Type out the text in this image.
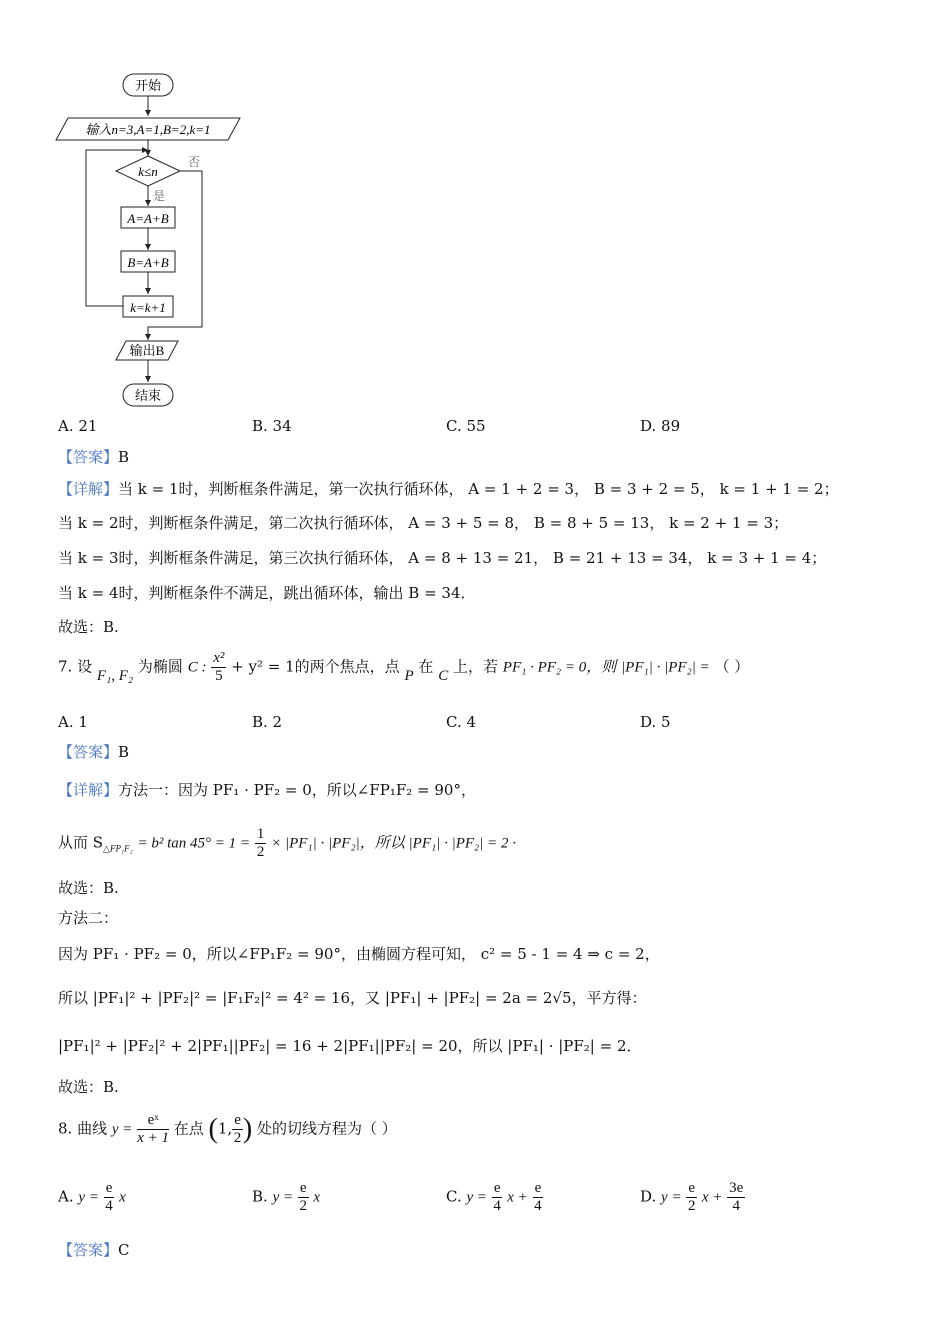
开始
输入n=3,A=1,B=2,k=1
k≤n
否
是
A=A+B
B=A+B
k=k+1
输出B
结束
A. 21	B. 34	C. 55	D. 89
【答案】B
【详解】当 k = 1时，判断框条件满足，第一次执行循环体， A = 1 + 2 = 3， B = 3 + 2 = 5， k = 1 + 1 = 2；
当 k = 2时，判断框条件满足，第二次执行循环体， A = 3 + 5 = 8， B = 8 + 5 = 13， k = 2 + 1 = 3；
当 k = 3时，判断框条件满足，第三次执行循环体， A = 8 + 13 = 21， B = 21 + 13 = 34， k = 3 + 1 = 4；
当 k = 4时，判断框条件不满足，跳出循环体，输出 B = 34．
故选：B.
7. 设 F₁, F₂ 为椭圆 C : $\frac{\text{x²}}{5} + y^2 = 1$的两个焦点，点 P 在 C 上，若 PF₁ · PF₂ = 0，则 |PF₁| · |PF₂| = （ ）
A. 1	B. 2	C. 4	D. 5
【答案】B
【详解】方法一：因为 PF₁ · PF₂ = 0，所以∠FP₁F₂ = 90°，
从而 $S_{\triangle FP_1F_2} = b^2$ $\tan 45^\circ = 1 = \frac{1}{2} \times |PF_1| \cdot |PF_2|$，所以 |PF₁| · |PF₂| = 2 ·
故选：B.
方法二：
因为 PF₁ · PF₂ = 0，所以∠FP₁F₂ = 90°，由椭圆方程可知， c² = 5 - 1 = 4 ⇒ c = 2，
所以 |PF₁|² + |PF₂|² = |F₁F₂|² = 4² = 16，又 |PF₁| + |PF₂| = 2a = 2√5，平方得：
|PF₁|² + |PF₂|² + 2|PF₁||PF₂| = 16 + 2|PF₁||PF₂| = 20，所以 |PF₁| · |PF₂| = 2．
故选：B.
8. 曲线 $y = \frac{\text{eˣ}}{x + 1}$ 在点 (1, $\frac{e}{2}$ ) 处的切线方程为（ ）
A. $y = \frac{e}{4}$ x	B. $y = \frac{e}{2}$ x	C. $y = \frac{e}{4}$ $x + \frac{e}{4}$	D. $y = \frac{e}{2}$ $x + \frac{3e}{4}$
【答案】C
